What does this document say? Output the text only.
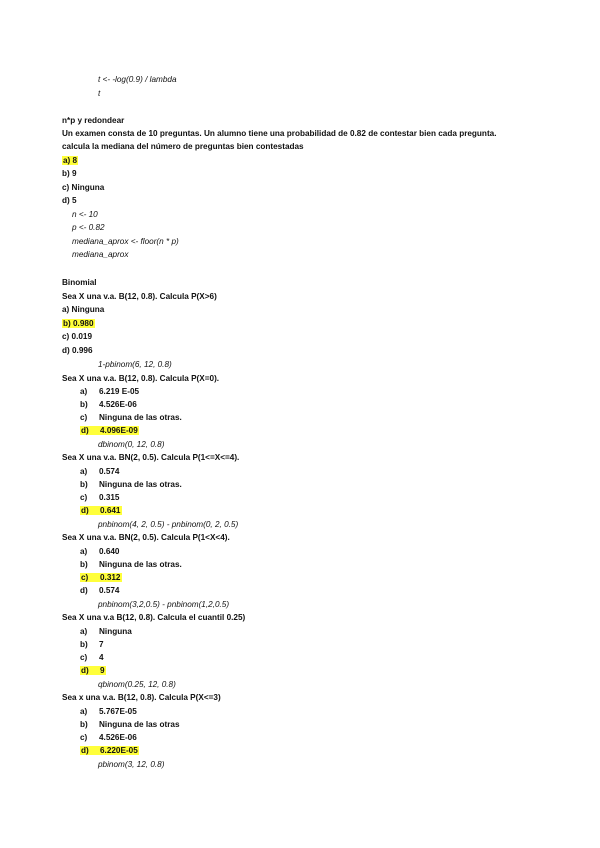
t <- -log(0.9) / lambda
t
n*p y redondear
Un examen consta de 10 preguntas. Un alumno tiene una probabilidad de 0.82 de contestar bien cada pregunta.
calcula la mediana del número de preguntas bien contestadas
a) 8
b) 9
c) Ninguna
d) 5
n <- 10
p <- 0.82
mediana_aprox <- floor(n * p)
mediana_aprox
Binomial
Sea X una v.a. B(12, 0.8). Calcula P(X>6)
a) Ninguna
b) 0.980
c) 0.019
d) 0.996
1-pbinom(6, 12, 0.8)
Sea X una v.a. B(12, 0.8). Calcula P(X=0).
a) 6.219 E-05
b) 4.526E-06
c) Ninguna de las otras.
d) 4.096E-09
dbinom(0, 12, 0.8)
Sea X una v.a. BN(2, 0.5). Calcula P(1<=X<=4).
a) 0.574
b) Ninguna de las otras.
c) 0.315
d) 0.641
pnbinom(4, 2, 0.5) - pnbinom(0, 2, 0.5)
Sea X una v.a. BN(2, 0.5). Calcula P(1<X<4).
a) 0.640
b) Ninguna de las otras.
c) 0.312
d) 0.574
pnbinom(3,2,0.5) - pnbinom(1,2,0.5)
Sea X una v.a B(12, 0.8). Calcula el cuantil 0.25)
a) Ninguna
b) 7
c) 4
d) 9
qbinom(0.25, 12, 0.8)
Sea x una v.a. B(12, 0.8). Calcula P(X<=3)
a) 5.767E-05
b) Ninguna de las otras
c) 4.526E-06
d) 6.220E-05
pbinom(3, 12, 0.8)
